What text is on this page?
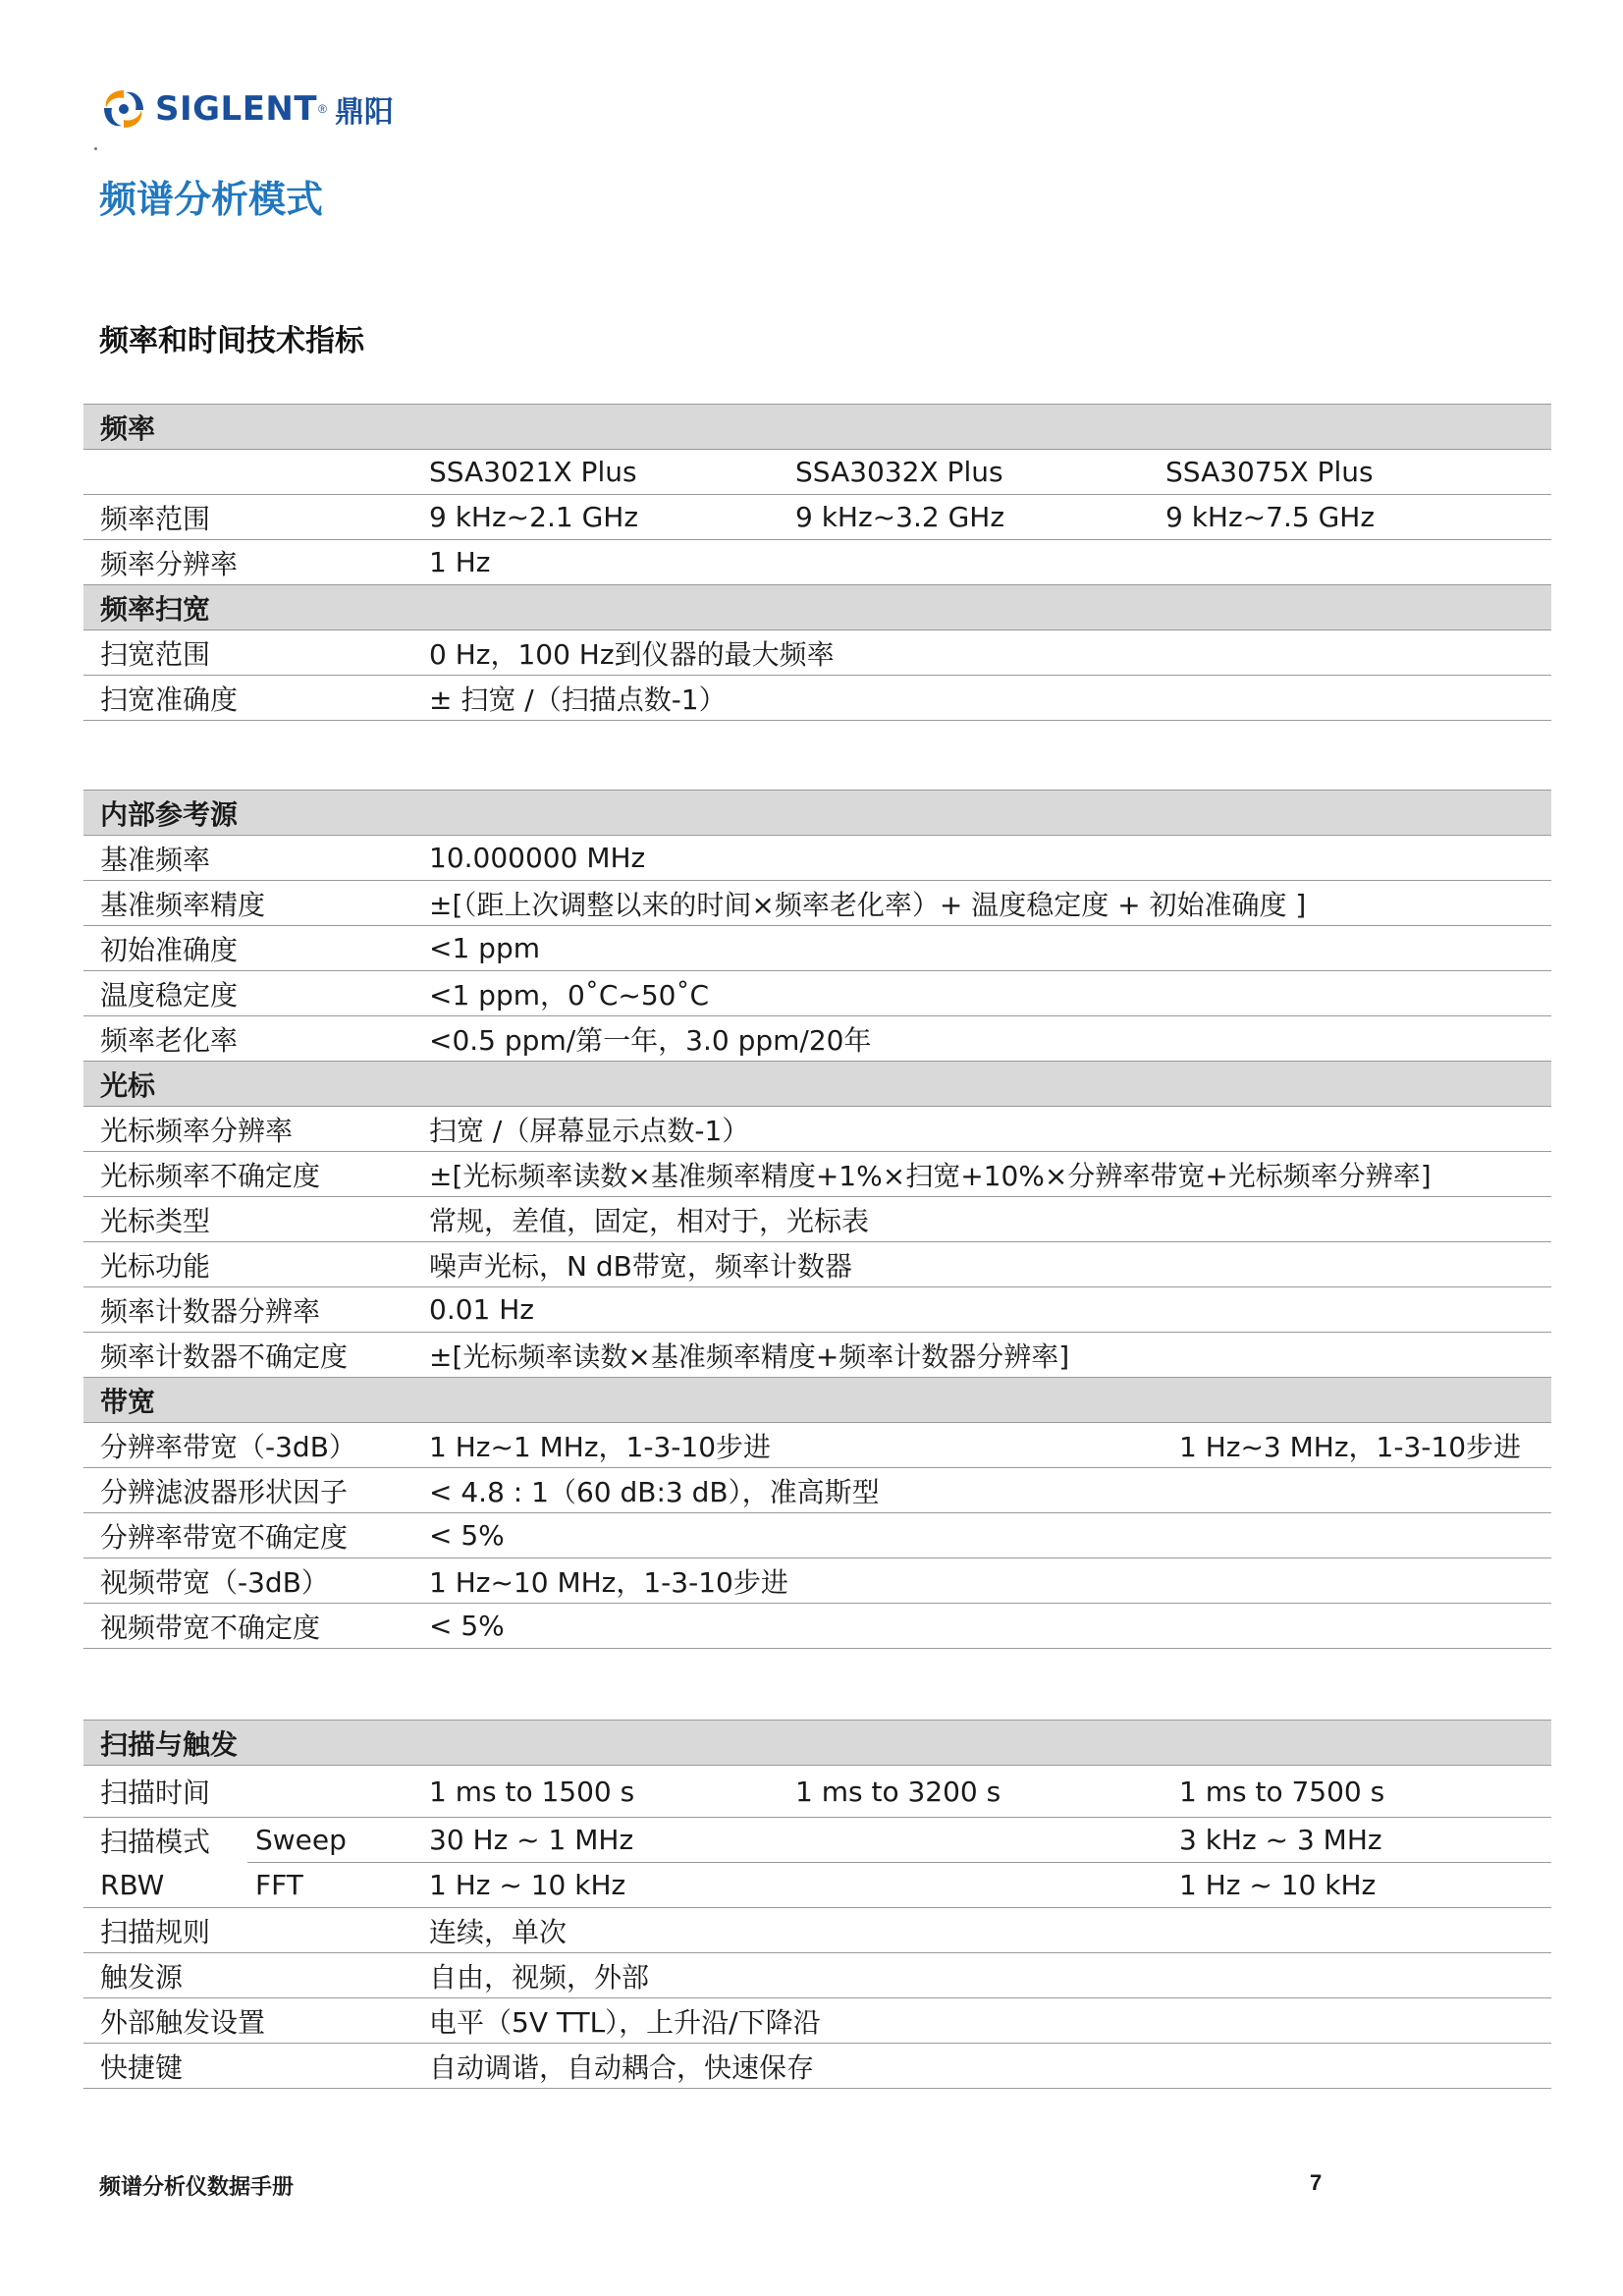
SIGLENT ® 鼎阳
频谱分析模式
频率和时间技术指标
频率			
	SSA3021X Plus	SSA3032X Plus	SSA3075X Plus
频率范围	9 kHz~2.1 GHz	9 kHz~3.2 GHz	9 kHz~7.5 GHz
频率分辨率	1 Hz		
频率扫宽			
扫宽范围	0 Hz，100 Hz到仪器的最大频率		
扫宽准确度	± 扫宽 /（扫描点数-1）		
内部参考源		
基准频率	10.000000 MHz	
基准频率精度	±[（距上次调整以来的时间×频率老化率）+ 温度稳定度 + 初始准确度 ]	
初始准确度	<1 ppm	
温度稳定度	<1 ppm，0˚C~50˚C	
频率老化率	<0.5 ppm/第一年，3.0 ppm/20年	
光标		
光标频率分辨率	扫宽 /（屏幕显示点数-1）	
光标频率不确定度	±[光标频率读数×基准频率精度+1%×扫宽+10%×分辨率带宽+光标频率分辨率]	
光标类型	常规，差值，固定，相对于，光标表	
光标功能	噪声光标，N dB带宽，频率计数器	
频率计数器分辨率	0.01 Hz	
频率计数器不确定度	±[光标频率读数×基准频率精度+频率计数器分辨率]	
带宽		
分辨率带宽（-3dB）	1 Hz~1 MHz，1-3-10步进	1 Hz~3 MHz，1-3-10步进
分辨滤波器形状因子	< 4.8 : 1（60 dB:3 dB），准高斯型	
分辨率带宽不确定度	< 5%	
视频带宽（-3dB）	1 Hz~10 MHz，1-3-10步进	
视频带宽不确定度	< 5%	
扫描与触发				
扫描时间		1 ms to 1500 s	1 ms to 3200 s	1 ms to 7500 s
扫描模式	Sweep	30 Hz ~ 1 MHz		3 kHz ~ 3 MHz
RBW	FFT	1 Hz ~ 10 kHz		1 Hz ~ 10 kHz
扫描规则		连续，单次		
触发源		自由，视频，外部		
外部触发设置		电平（5V TTL），上升沿/下降沿		
快捷键		自动调谐，自动耦合，快速保存		
频谱分析仪数据手册	7
